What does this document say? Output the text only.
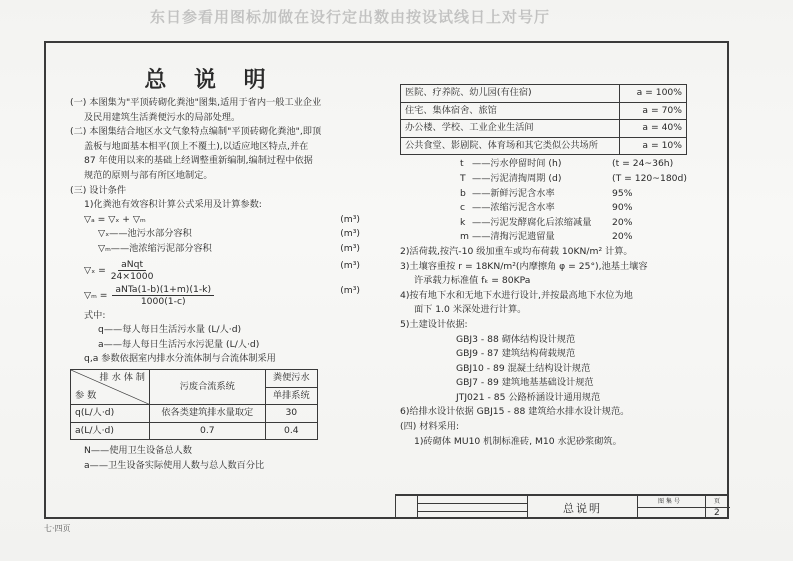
东日参看用图标加做在设行定出数由按设试线日上对号厅
总 说 明

(一) 本图集为"平顶砖砌化粪池"图集,适用于省内一般工业企业

及民用建筑生活粪便污水的局部处理。

(二) 本图集结合地区水文气象特点编制"平顶砖砌化粪池",即顶

盖板与地面基本相平(顶上不覆土),以适应地区特点,并在

87 年使用以来的基础上经调整重新编制,编制过程中依据

规范的原则与部有所区地制定。

(三) 设计条件

1)化粪池有效容积计算公式采用及计算参数:

▽ₐ = ▽ₓ + ▽ₘ	(m³)
▽ₓ——池污水部分容积	(m³)
▽ₘ——池浓缩污泥部分容积	(m³)
▽ₓ = $\frac{\text{aNqt}}{24\times 1000}$	(m³)
▽ₘ = $\frac{\text{aNTa(1-b)(1+m)(1-k)}}{1000(1-c)}$	(m³)

式中:

q——每人每日生活污水量 (L/人·d)

a——每人每日生活污水污泥量 (L/人·d)

q,a 参数依据室内排水分流体制与合流体制采用

排 水 体 制
参 数	污废合流系统	粪便污水
		单排系统
q(L/人·d)	依各类建筑排水量取定	30
a(L/人·d)	0.7	0.4

N——使用卫生设备总人数

a——卫生设备实际使用人数与总人数百分比

医院、疗养院、幼儿园(有住宿)	a = 100%
住宅、集体宿舍、旅馆	a = 70%
办公楼、学校、工业企业生活间	a = 40%
公共食堂、影剧院、体育场和其它类似公共场所	a = 10%
t ——污水停留时间 (h)	(t = 24~36h)
T ——污泥清掏周期 (d)	(T = 120~180d)
b ——新鲜污泥含水率	95%
c ——浓缩污泥含水率	90%
k ——污泥发酵腐化后浓缩减量	20%
m ——清掏污泥遗留量	20%

2)活荷载,按汽-10 级加重车或均布荷载 10KN/m² 计算。

3)土壤容重按 r = 18KN/m²(内摩擦角 φ = 25°),池基土壤容

许承载力标准值 fₖ = 80KPa

4)按有地下水和无地下水进行设计,并按最高地下水位为地

面下 1.0 米深处进行计算。

5)土建设计依据:

GBJ3 - 88 砌体结构设计规范

GBJ9 - 87 建筑结构荷载规范

GBJ10 - 89 混凝土结构设计规范

GBJ7 - 89 建筑地基基础设计规范

JTJ021 - 85 公路桥涵设计通用规范

6)给排水设计依据 GBJ15 - 88 建筑给水排水设计规范。

(四) 材料采用:

1)砖砌体 MU10 机制标准砖, M10 水泥砂浆砌筑。

总说明	图 集 号	页
2
七·四页
